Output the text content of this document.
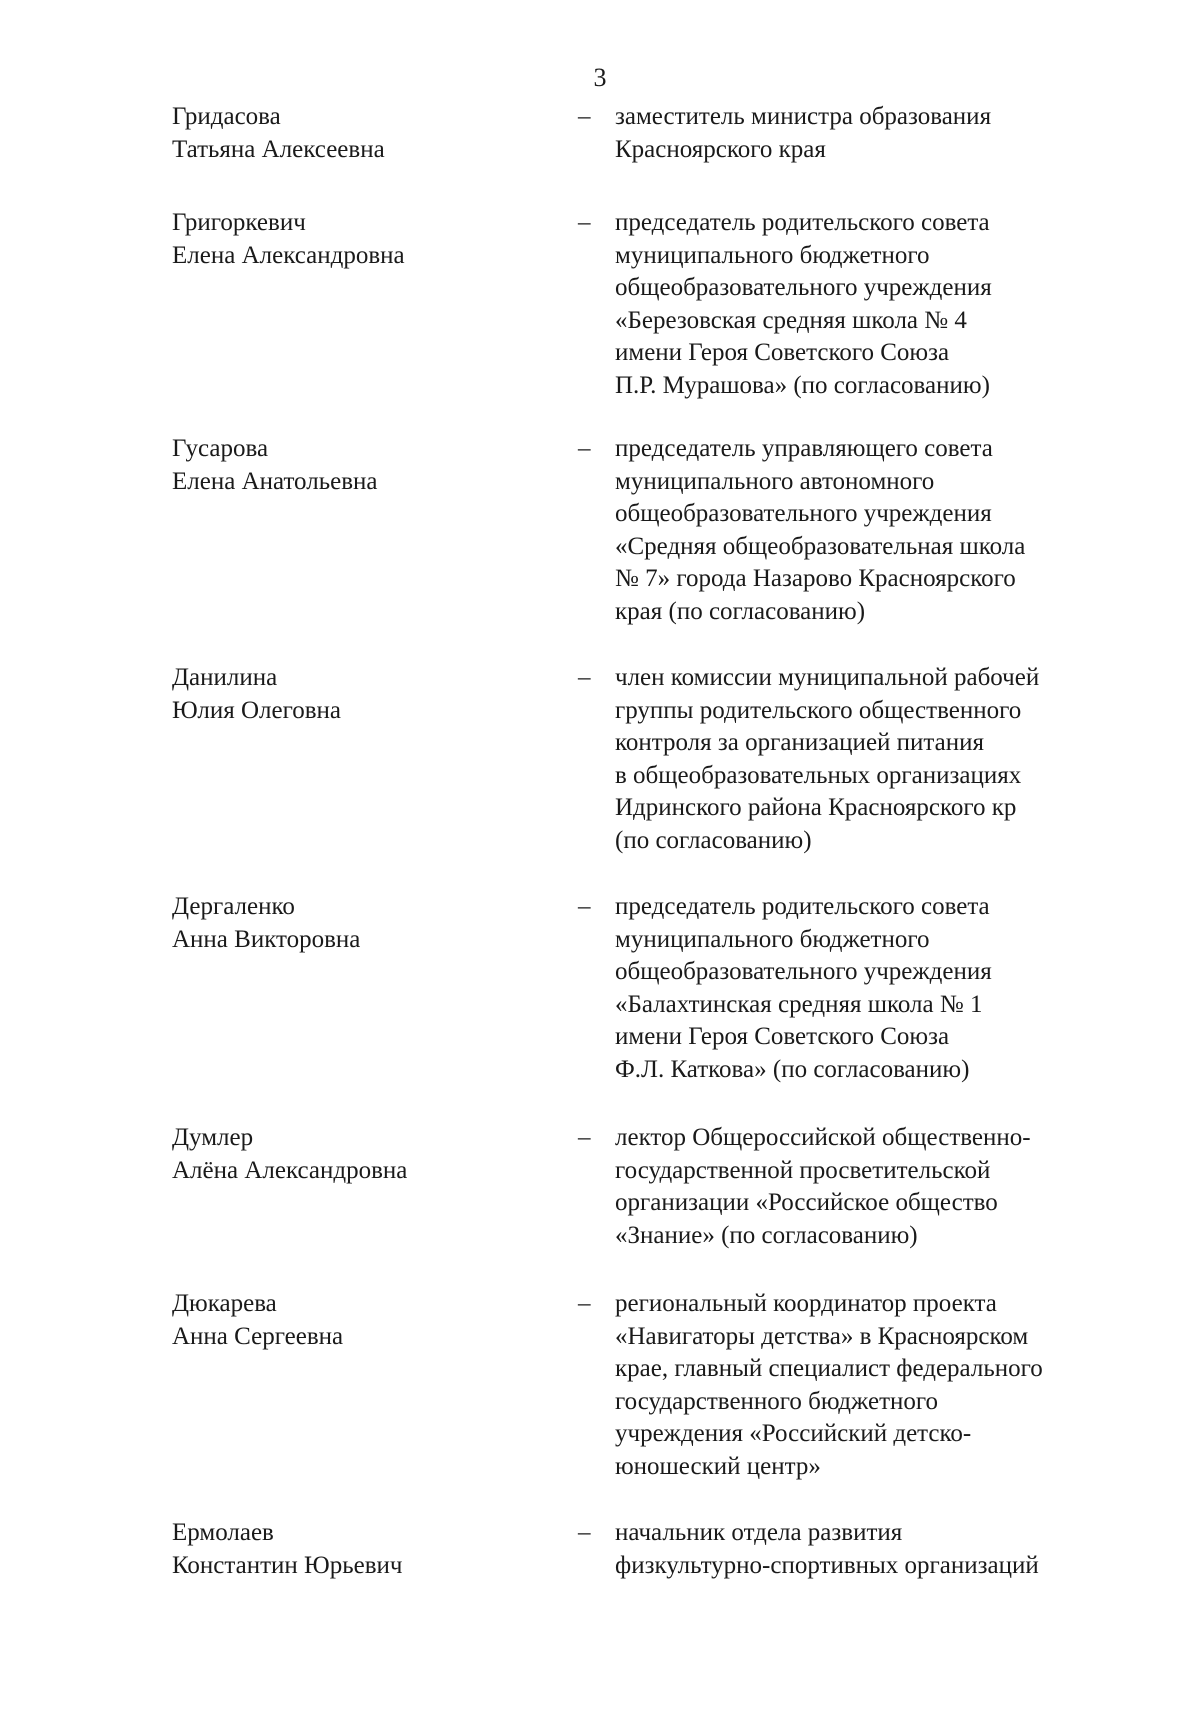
3
Гридасова
Татьяна Алексеевна
– заместитель министра образования
Красноярского края
Григоркевич
Елена Александровна
– председатель родительского совета
муниципального бюджетного
общеобразовательного учреждения
«Березовская средняя школа № 4
имени Героя Советского Союза
П.Р. Мурашова» (по согласованию)
Гусарова
Елена Анатольевна
– председатель управляющего совета
муниципального автономного
общеобразовательного учреждения
«Средняя общеобразовательная школа
№ 7» города Назарово Красноярского
края (по согласованию)
Данилина
Юлия Олеговна
– член комиссии муниципальной рабочей
группы родительского общественного
контроля за организацией питания
в общеобразовательных организациях
Идринского района Красноярского кр
(по согласованию)
Дергаленко
Анна Викторовна
– председатель родительского совета
муниципального бюджетного
общеобразовательного учреждения
«Балахтинская средняя школа № 1
имени Героя Советского Союза
Ф.Л. Каткова» (по согласованию)
Думлер
Алёна Александровна
– лектор Общероссийской общественно-
государственной просветительской
организации «Российское общество
«Знание» (по согласованию)
Дюкарева
Анна Сергеевна
– региональный координатор проекта
«Навигаторы детства» в Красноярском
крае, главный специалист федерального
государственного бюджетного
учреждения «Российский детско-
юношеский центр»
Ермолаев
Константин Юрьевич
– начальник отдела развития
физкультурно-спортивных организаций
